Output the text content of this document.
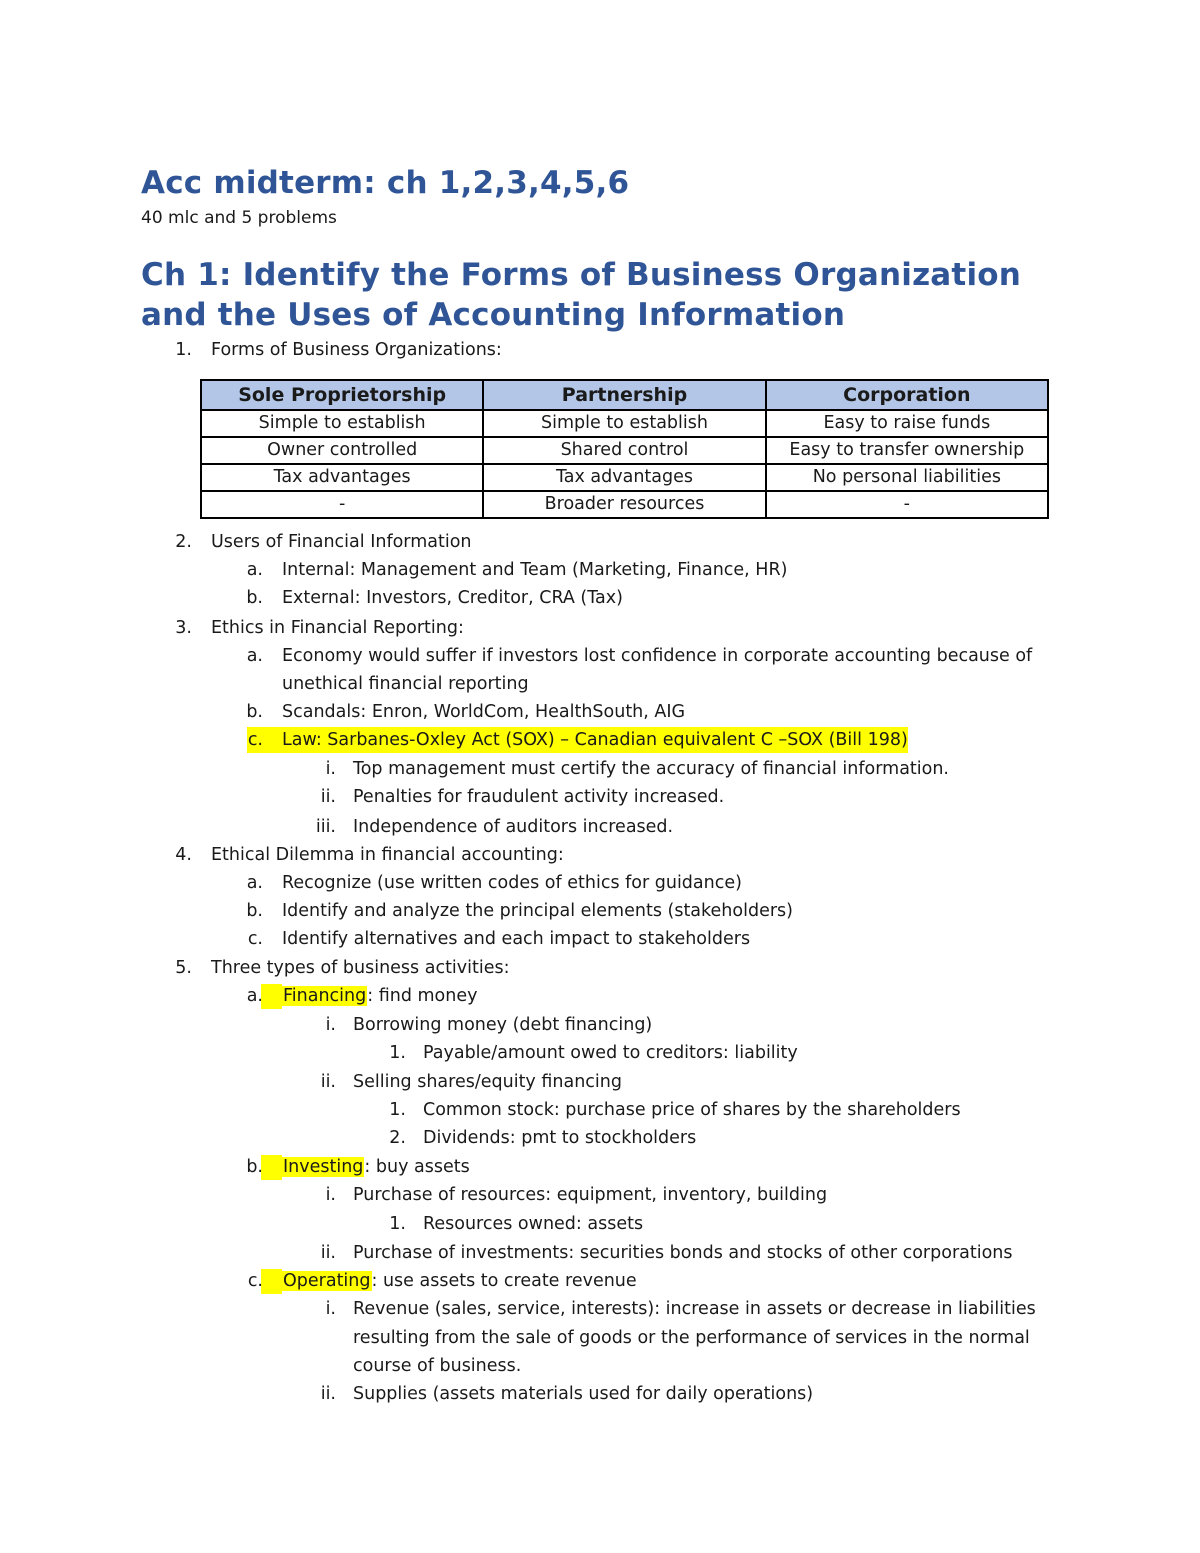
Acc midterm: ch 1,2,3,4,5,6
40 mlc and 5 problems
Ch 1: Identify the Forms of Business Organization
and the Uses of Accounting Information
Sole Proprietorship	Partnership	Corporation
Simple to establish	Simple to establish	Easy to raise funds
Owner controlled	Shared control	Easy to transfer ownership
Tax advantages	Tax advantages	No personal liabilities
-	Broader resources	-
Forms of Business Organizations:
Users of Financial Information
Internal: Management and Team (Marketing, Finance, HR)
External: Investors, Creditor, CRA (Tax)
Ethics in Financial Reporting:
Economy would suffer if investors lost confidence in corporate accounting because of
unethical financial reporting
Scandals: Enron, WorldCom, HealthSouth, AIG
Law: Sarbanes-Oxley Act (SOX) – Canadian equivalent C –SOX (Bill 198)
Top management must certify the accuracy of financial information.
Penalties for fraudulent activity increased.
Independence of auditors increased.
Ethical Dilemma in financial accounting:
Recognize (use written codes of ethics for guidance)
Identify and analyze the principal elements (stakeholders)
Identify alternatives and each impact to stakeholders
Three types of business activities:
Financing: find money
Borrowing money (debt financing)
Payable/amount owed to creditors: liability
Selling shares/equity financing
Common stock: purchase price of shares by the shareholders
Dividends: pmt to stockholders
Investing: buy assets
Purchase of resources: equipment, inventory, building
Resources owned: assets
Purchase of investments: securities bonds and stocks of other corporations
Operating: use assets to create revenue
Revenue (sales, service, interests): increase in assets or decrease in liabilities
resulting from the sale of goods or the performance of services in the normal
course of business.
Supplies (assets materials used for daily operations)
1.
2.
a.
b.
3.
a.
b.
c.
i.
ii.
iii.
4.
a.
b.
c.
5.
a.
i.
1.
ii.
1.
2.
b.
i.
1.
ii.
c.
i.
ii.
